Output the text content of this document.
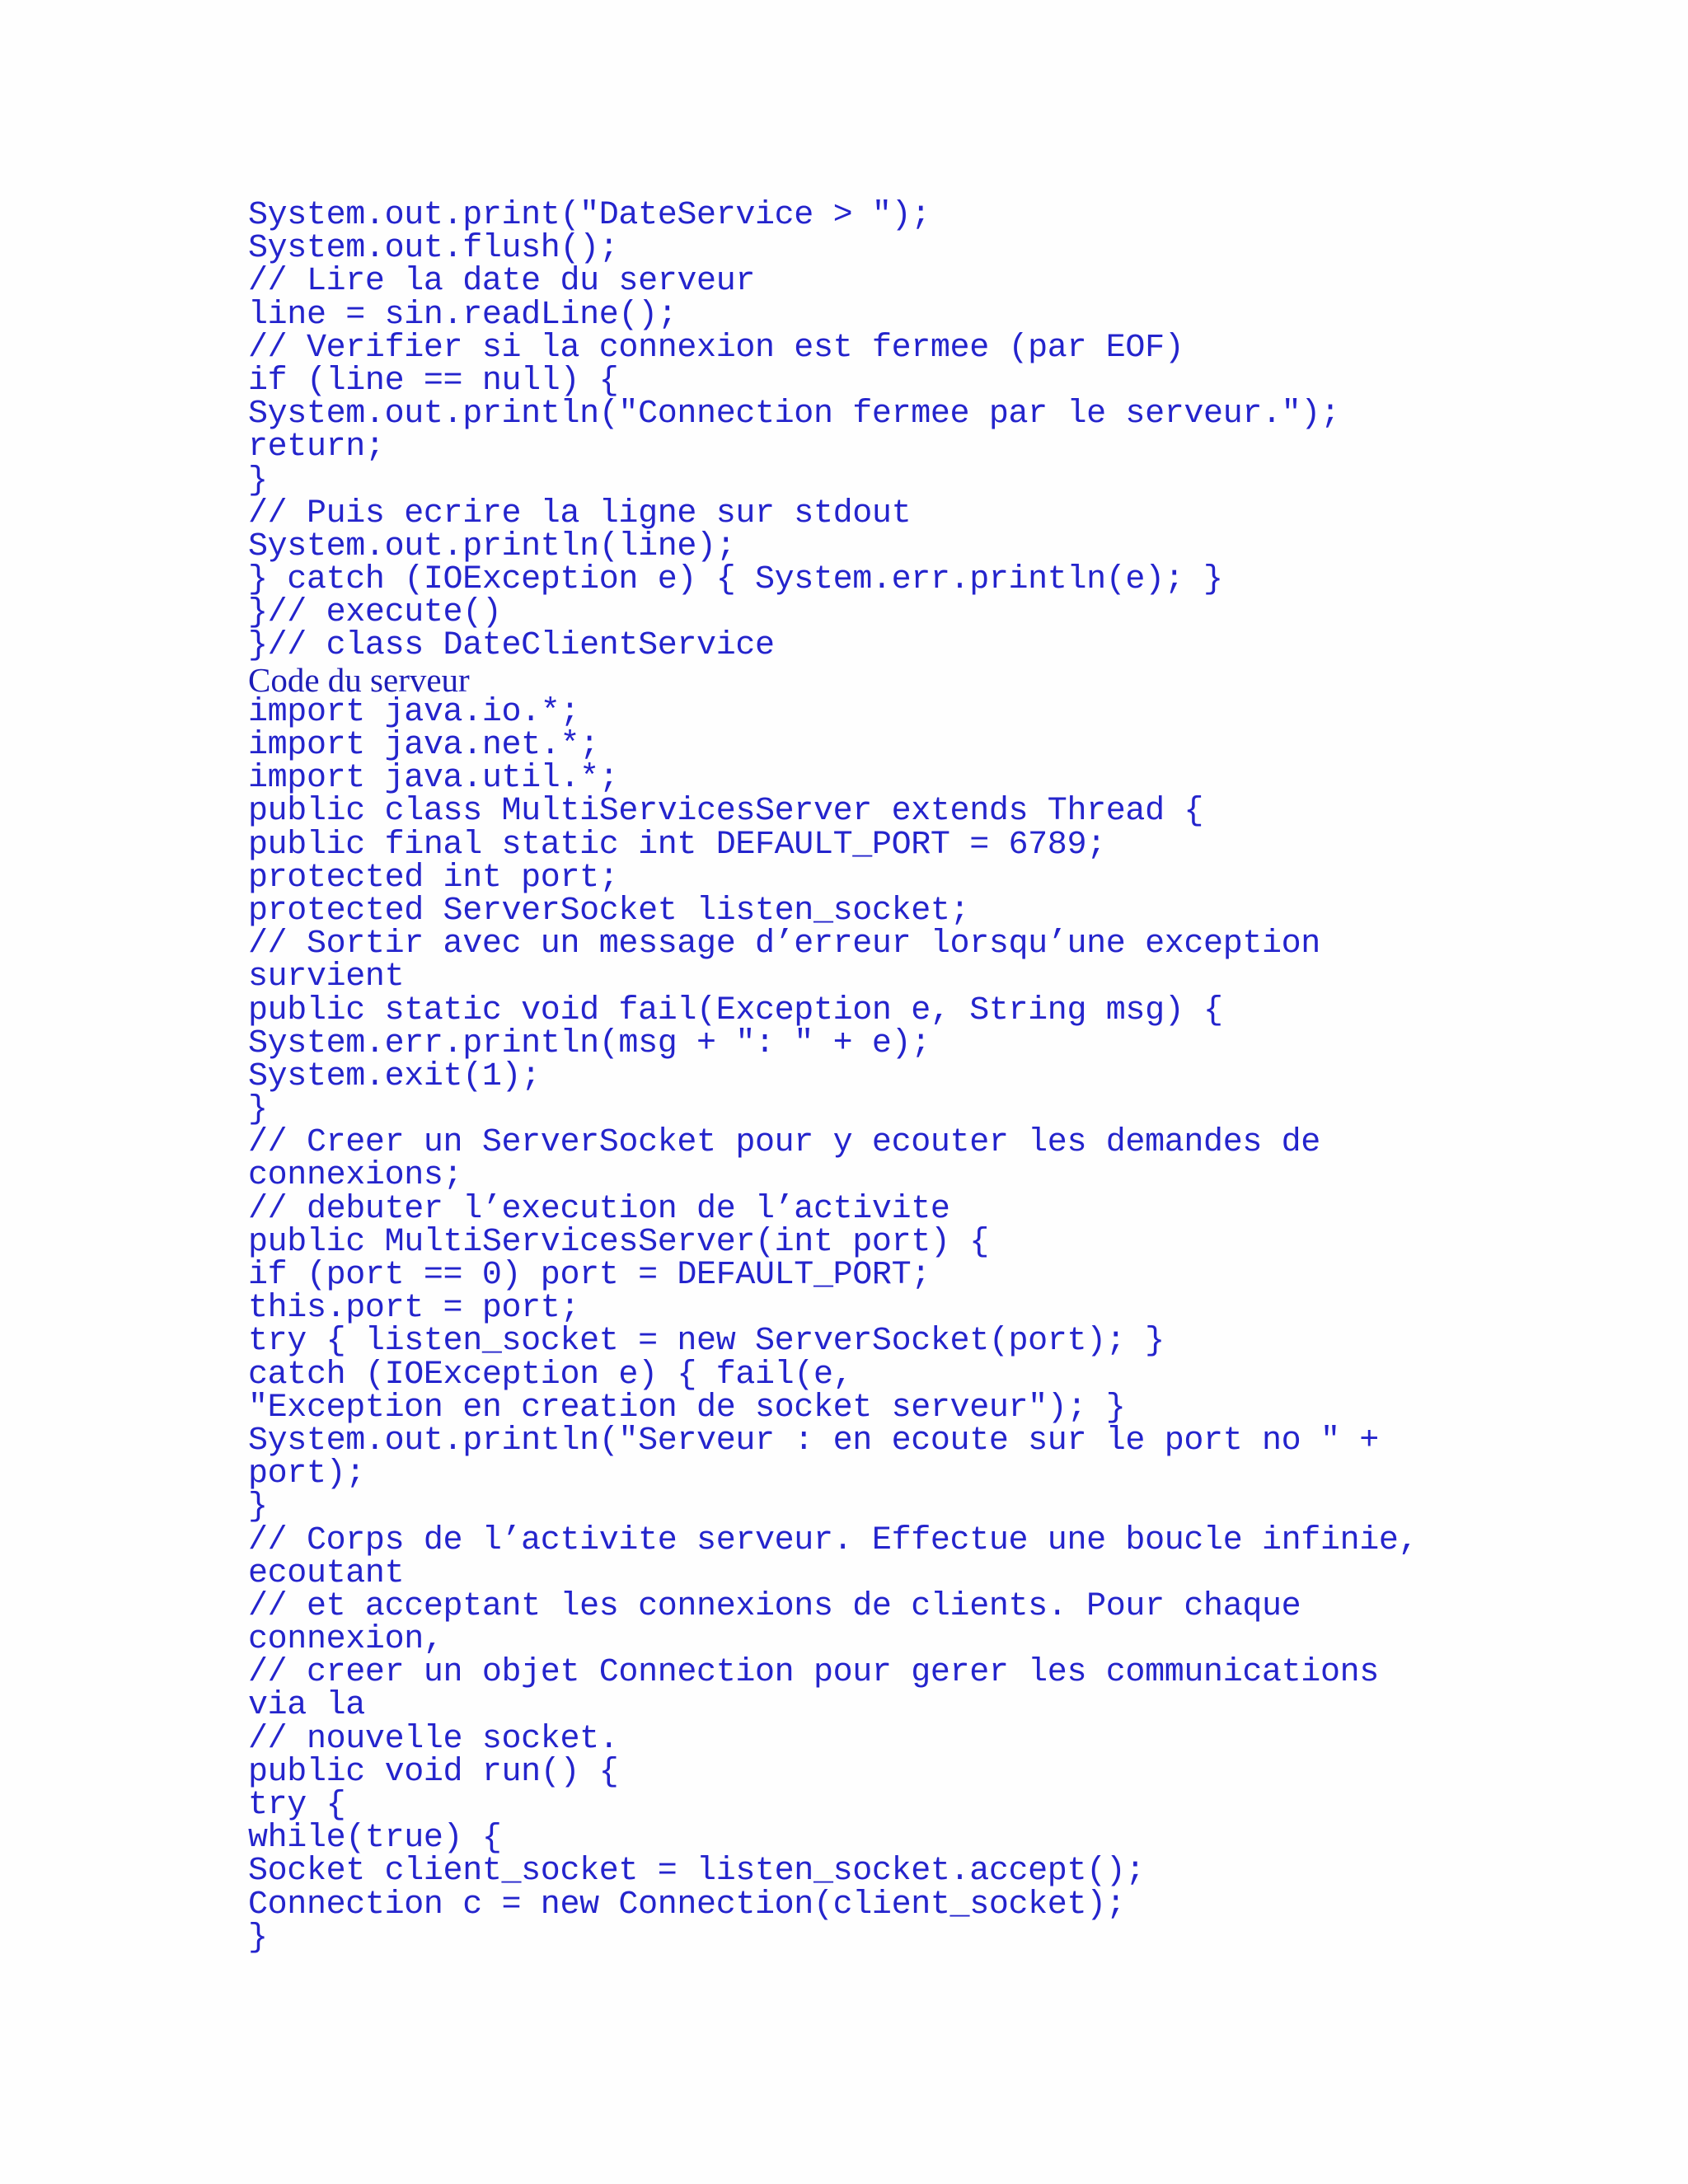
System.out.print("DateService > ");
System.out.flush();
// Lire la date du serveur
line = sin.readLine();
// Verifier si la connexion est fermee (par EOF)
if (line == null) {
System.out.println("Connection fermee par le serveur.");
return;
}
// Puis ecrire la ligne sur stdout
System.out.println(line);
} catch (IOException e) { System.err.println(e); }
}// execute()
}// class DateClientService
Code du serveur
import java.io.*;
import java.net.*;
import java.util.*;
public class MultiServicesServer extends Thread {
public final static int DEFAULT_PORT = 6789;
protected int port;
protected ServerSocket listen_socket;
// Sortir avec un message d’erreur lorsqu’une exception
survient
public static void fail(Exception e, String msg) {
System.err.println(msg + ": " + e);
System.exit(1);
}
// Creer un ServerSocket pour y ecouter les demandes de
connexions;
// debuter l’execution de l’activite
public MultiServicesServer(int port) {
if (port == 0) port = DEFAULT_PORT;
this.port = port;
try { listen_socket = new ServerSocket(port); }
catch (IOException e) { fail(e,
"Exception en creation de socket serveur"); }
System.out.println("Serveur : en ecoute sur le port no " +
port);
}
// Corps de l’activite serveur. Effectue une boucle infinie,
ecoutant
// et acceptant les connexions de clients. Pour chaque
connexion,
// creer un objet Connection pour gerer les communications
via la
// nouvelle socket.
public void run() {
try {
while(true) {
Socket client_socket = listen_socket.accept();
Connection c = new Connection(client_socket);
}
